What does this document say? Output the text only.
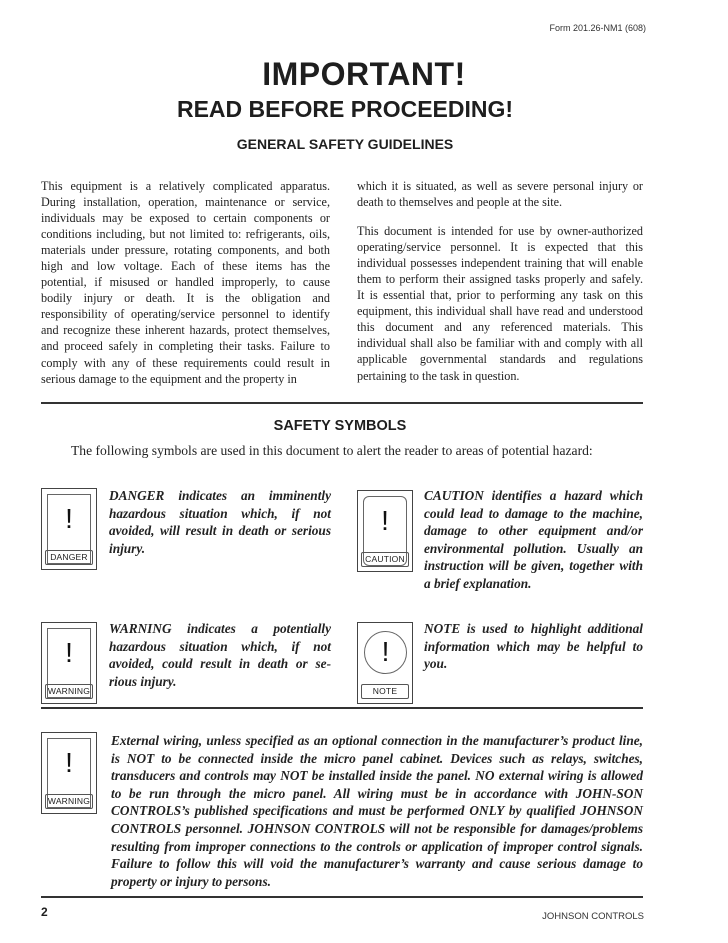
Form 201.26-NM1 (608)
IMPORTANT!
READ BEFORE PROCEEDING!
GENERAL SAFETY GUIDELINES

This equipment is a relatively complicated apparatus. During installation, operation, maintenance or service, individuals may be exposed to certain components or conditions including, but not limited to: refrigerants, oils, materials under pressure, rotating components, and both high and low voltage. Each of these items has the potential, if misused or handled improperly, to cause bodily injury or death. It is the obligation and responsibility of operating/service personnel to identify and recognize these inherent hazards, protect themselves, and proceed safely in completing their tasks. Failure to comply with any of these requirements could result in serious damage to the equipment and the property in

which it is situated, as well as severe personal injury or death to themselves and people at the site.

This document is intended for use by owner-authorized operating/service personnel. It is expected that this individual possesses independent training that will enable them to perform their assigned tasks properly and safely. It is essential that, prior to performing any task on this equipment, this individual shall have read and understood this document and any referenced materials. This individual shall also be familiar with and comply with all applicable governmental standards and regulations pertaining to the task in question.

SAFETY SYMBOLS
The following symbols are used in this document to alert the reader to areas of potential hazard:
!
DANGER
DANGER indicates an imminently hazardous situation which, if not avoided, will result in death or serious injury.
!
CAUTION
CAUTION identifies a hazard which could lead to damage to the machine, damage to other equipment and/or environmental pollution. Usually an instruction will be given, together with a brief explanation.
!
WARNING
WARNING indicates a potentially hazardous situation which, if not avoided, could result in death or se-rious injury.
!
NOTE
NOTE is used to highlight additional information which may be helpful to you.
!
WARNING
External wiring, unless specified as an optional connection in the manufacturer’s product line, is NOT to be connected inside the micro panel cabinet. Devices such as relays, switches, transducers and controls may NOT be installed inside the panel. NO external wiring is allowed to be run through the micro panel. All wiring must be in accordance with JOHN-SON CONTROLS’s published specifications and must be performed ONLY by qualified JOHNSON CONTROLS personnel. JOHNSON CONTROLS will not be responsible for damages/problems resulting from improper connections to the controls or application of improper control signals. Failure to follow this will void the manufacturer’s warranty and cause serious damage to property or injury to persons.
2	JOHNSON CONTROLS
